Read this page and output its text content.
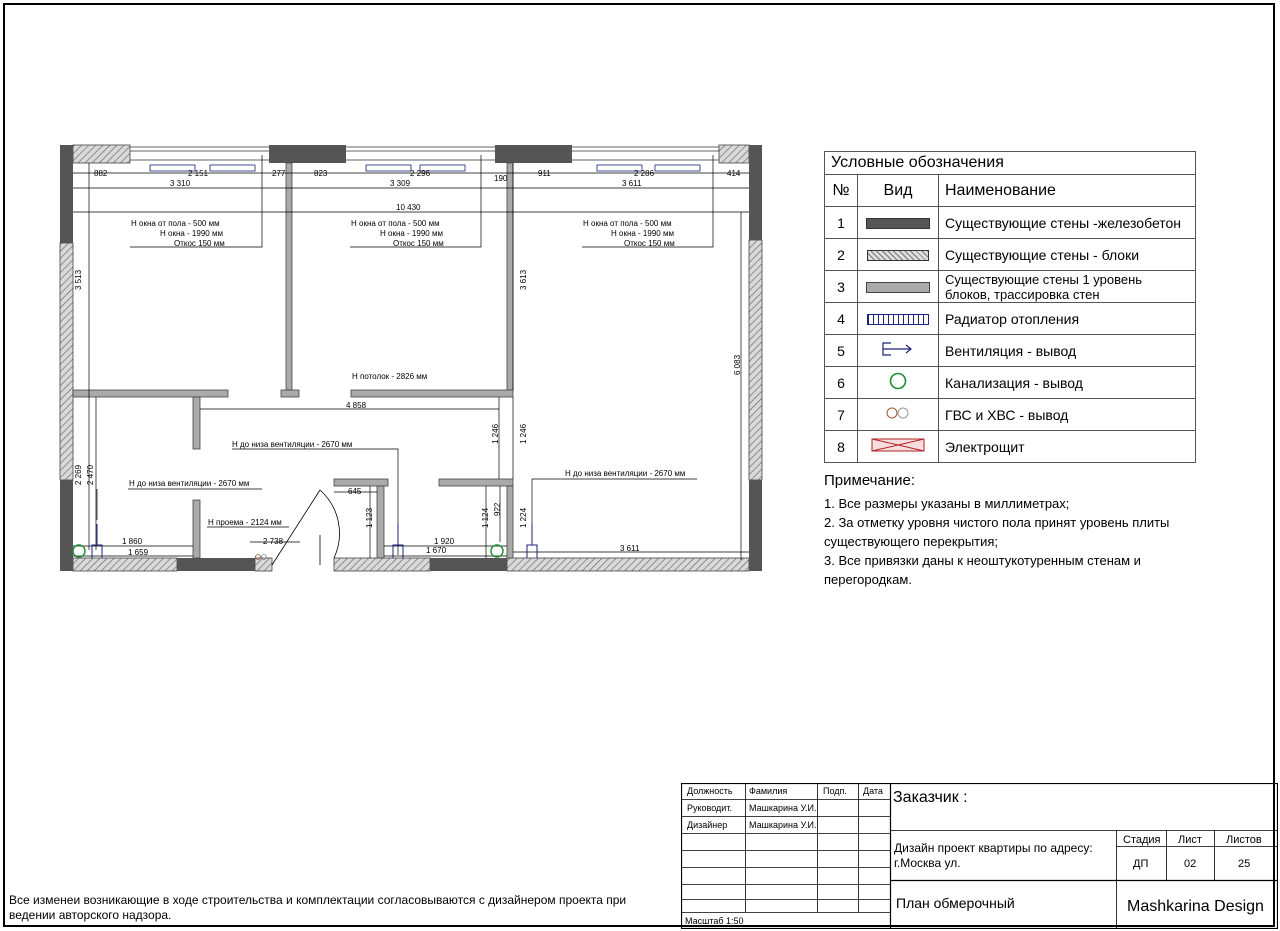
882	2 151	277	823	2 296
190
911	2 286	414
3 310	3 309	3 611
10 430
4 858
1 860
1 659
645
1 920
1 670	3 611
2 738
3 513	3 613
6 083
1 246 1 246
2 269 2 470
1 123	1 124 922 1 224
Н окна от пола - 500 мм
Н окна - 1990 мм
Откос 150 мм
Н окна от пола - 500 мм
Н окна - 1990 мм
Откос 150 мм
Н окна от пола - 500 мм
Н окна - 1990 мм
Откос 150 мм
Н потолок - 2826 мм
Н до низа вентиляции - 2670 мм
Н до низа вентиляции - 2670 мм
Н до низа вентиляции - 2670 мм
Н проема - 2124 мм
Условные обозначения		
№	Вид	Наименование
1		Существующие стены -железобетон
2		Существующие стены - блоки
3		Существующие стены 1 уровень блоков, трассировка стен
4		Радиатор отопления
5		Вентиляция - вывод
6		Канализация - вывод
7		ГВС и ХВС - вывод
8		Электрощит
Примечание:
1. Все размеры указаны в миллиметрах;
2. За отметку уровня чистого пола принят уровень плиты существующего перекрытия;
3. Все привязки даны к неоштукотуренным стенам и перегородкам.
Все изменеи возникающие в ходе строительства и комплектации согласовываются с дизайнером проекта при ведении авторского надзора.
Должность Фамилия	Подп. Дата
Руководит. Машкарина У.И.
Дизайнер Машкарина У.И.
Масштаб 1:50
Заказчик :
Дизайн проект квартиры по адресу:
г.Москва ул.
Стадия Лист Листов
ДП	02	25
План обмерочный	Mashkarina Design
